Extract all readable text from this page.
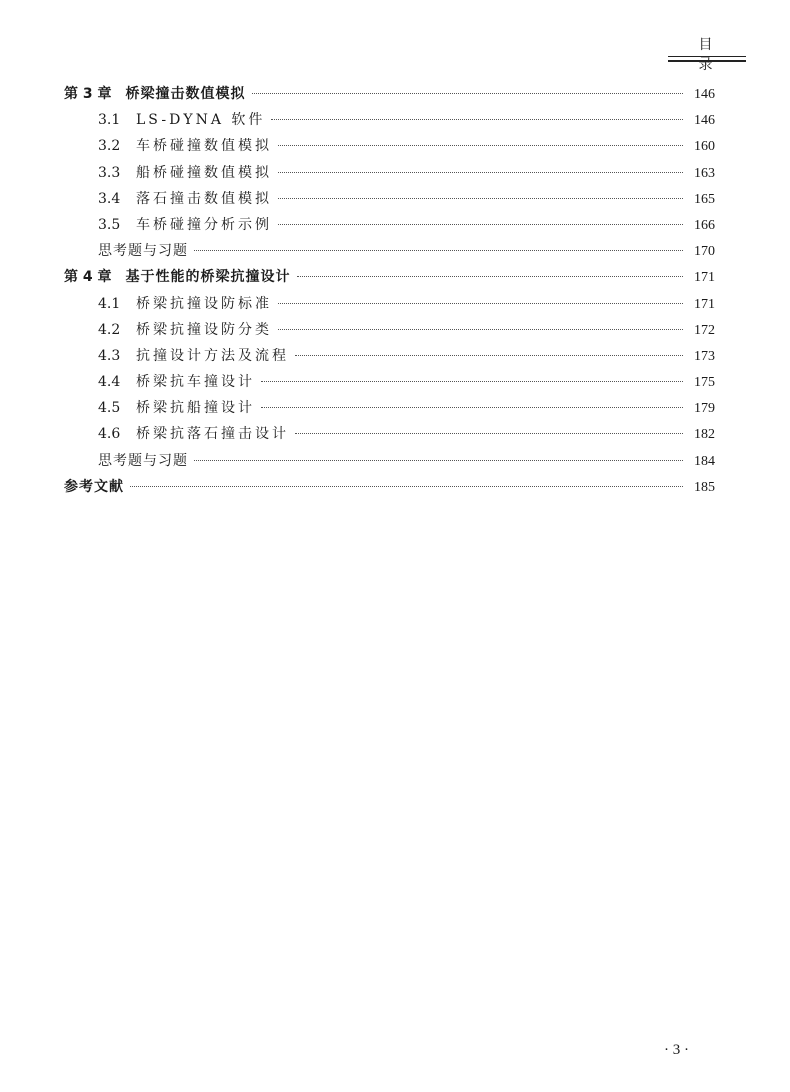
目 录
第 3 章 桥梁撞击数值模拟	146
3.1	LS-DYNA 软件	146
3.2	车桥碰撞数值模拟	160
3.3	船桥碰撞数值模拟	163
3.4	落石撞击数值模拟	165
3.5	车桥碰撞分析示例	166
思考题与习题	170
第 4 章 基于性能的桥梁抗撞设计	171
4.1	桥梁抗撞设防标准	171
4.2	桥梁抗撞设防分类	172
4.3	抗撞设计方法及流程	173
4.4	桥梁抗车撞设计	175
4.5	桥梁抗船撞设计	179
4.6	桥梁抗落石撞击设计	182
思考题与习题	184
参考文献	185
· 3 ·
